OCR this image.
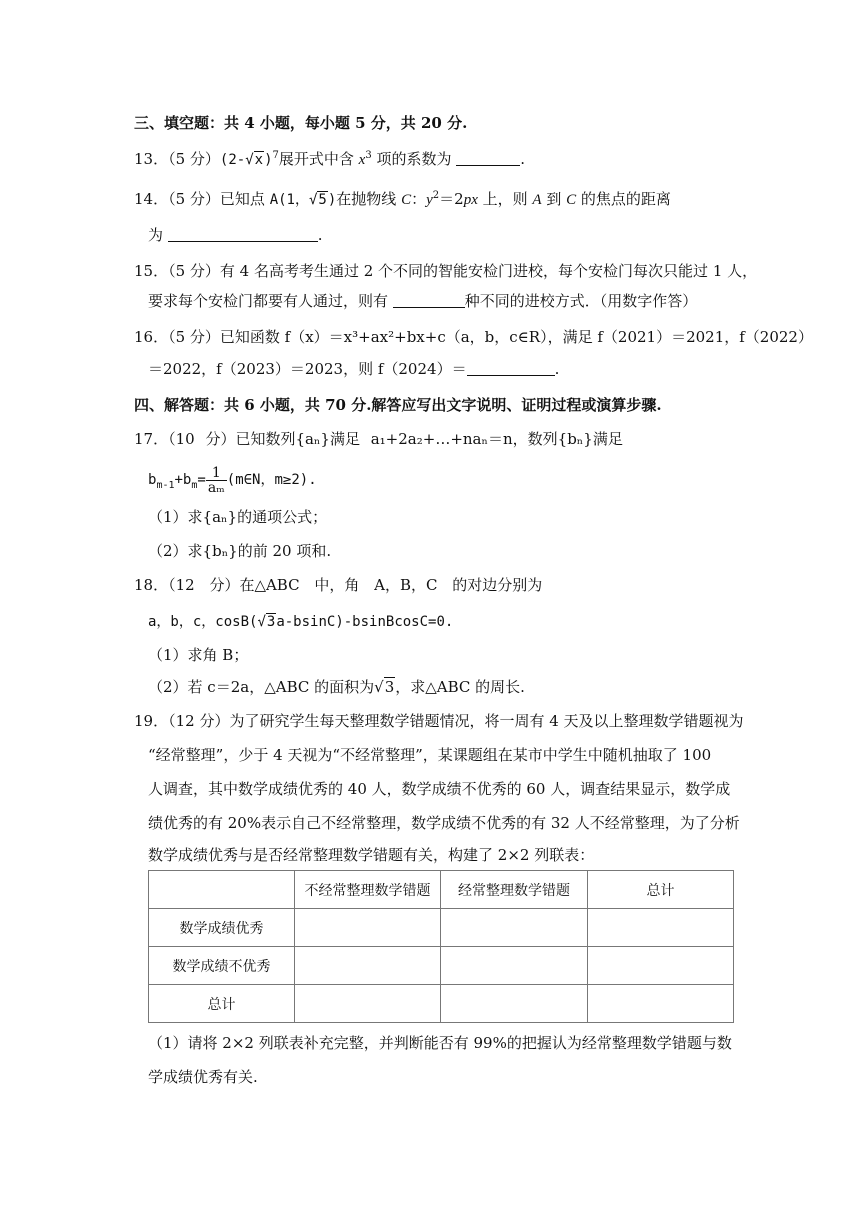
三、填空题：共 4 小题，每小题 5 分，共 20 分.
13．（5 分）$(2-√x)^7$展开式中含 $x^3$ 项的系数为	.
14．（5 分）已知点 A(1，√5)在抛物线 C：$y^2=2px$ 上，则 A 到 C 的焦点的距离
为	.
15．（5 分）有 4 名高考考生通过 2 个不同的智能安检门进校，每个安检门每次只能过 1 人，
要求每个安检门都要有人通过，则有	种不同的进校方式．（用数字作答）
16．（5 分）已知函数 f（x）＝x³+ax²+bx+c（a，b，c∈R），满足 f（2021）＝2021，f（2022）
＝2022，f（2023）＝2023，则 f（2024）＝	.
四、解答题：共 6 小题，共 70 分.解答应写出文字说明、证明过程或演算步骤.
17．（10 分）已知数列{aₙ}满足 a₁+2a₂+…+naₙ＝n，数列{bₙ}满足
$b_{m-1}+b_m= \frac{1}{\text{aₘ}}$ (m∈N，m≥2).
（1）求{aₙ}的通项公式；
（2）求{bₙ}的前 20 项和.
18．（12 分）在△ABC 中，角 A，B，C 的对边分别为
a，b，c，cosB(√3a-bsinC)-bsinBcosC=0.
（1）求角 B；
（2）若 c＝2a，△ABC 的面积为√3，求△ABC 的周长.
19．（12 分）为了研究学生每天整理数学错题情况，将一周有 4 天及以上整理数学错题视为
“经常整理”，少于 4 天视为“不经常整理”，某课题组在某市中学生中随机抽取了 100
人调查，其中数学成绩优秀的 40 人，数学成绩不优秀的 60 人，调查结果显示，数学成
绩优秀的有 20%表示自己不经常整理，数学成绩不优秀的有 32 人不经常整理，为了分析
数学成绩优秀与是否经常整理数学错题有关，构建了 2×2 列联表：
	不经常整理数学错题	经常整理数学错题	总计
数学成绩优秀			
数学成绩不优秀			
总计			
（1）请将 2×2 列联表补充完整，并判断能否有 99%的把握认为经常整理数学错题与数
学成绩优秀有关.
